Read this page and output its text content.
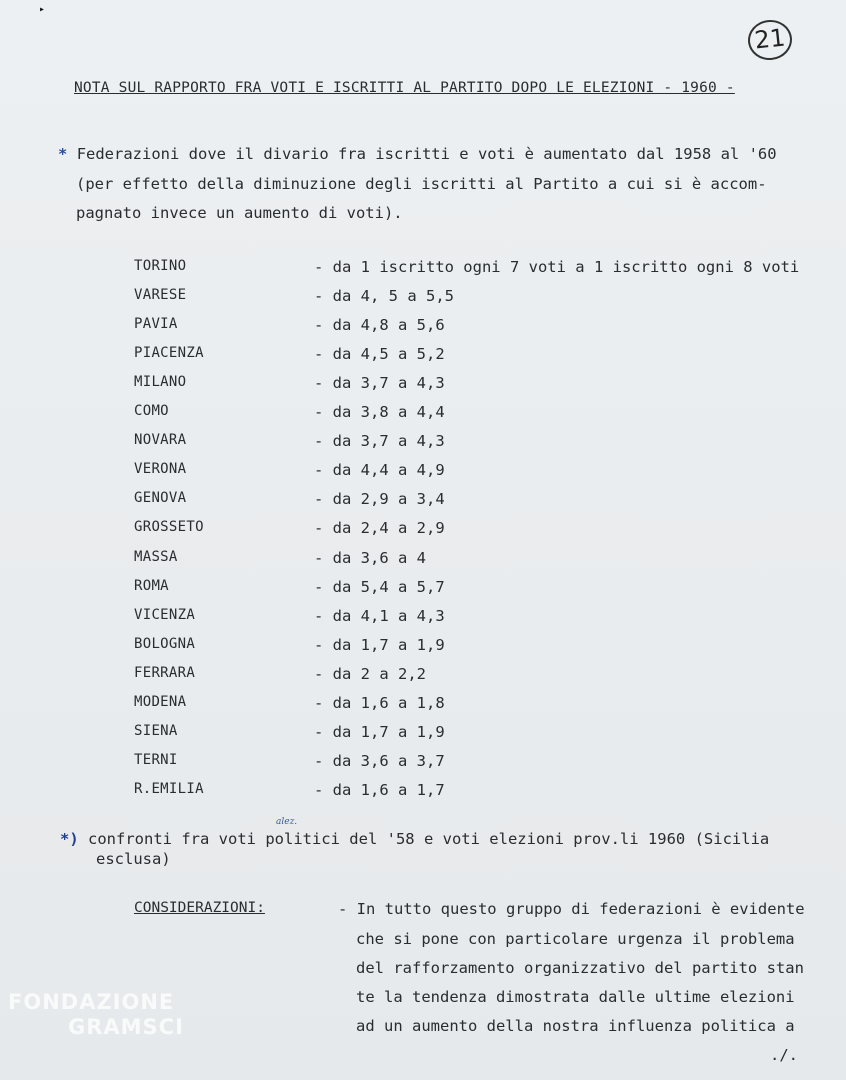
▸
21
NOTA SUL RAPPORTO FRA VOTI E ISCRITTI AL PARTITO DOPO LE ELEZIONI - 1960 -
* Federazioni dove il divario fra iscritti e voti è aumentato dal 1958 al '60
(per effetto della diminuzione degli iscritti al Partito a cui si è accom-
pagnato invece un aumento di voti).
TORINO	- da 1 iscritto ogni 7 voti a 1 iscritto ogni 8 voti
VARESE	- da 4, 5 a 5,5
PAVIA	- da 4,8 a 5,6
PIACENZA	- da 4,5 a 5,2
MILANO	- da 3,7 a 4,3
COMO	- da 3,8 a 4,4
NOVARA	- da 3,7 a 4,3
VERONA	- da 4,4 a 4,9
GENOVA	- da 2,9 a 3,4
GROSSETO	- da 2,4 a 2,9
MASSA	- da 3,6 a 4
ROMA	- da 5,4 a 5,7
VICENZA	- da 4,1 a 4,3
BOLOGNA	- da 1,7 a 1,9
FERRARA	- da 2 a 2,2
MODENA	- da 1,6 a 1,8
SIENA	- da 1,7 a 1,9
TERNI	- da 3,6 a 3,7
R.EMILIA	- da 1,6 a 1,7
*) confronti fra voti politici del '58 e voti elezioni prov.li 1960 (Sicilia
alez.
esclusa)
CONSIDERAZIONI:	- In tutto questo gruppo di federazioni è evidente
che si pone con particolare urgenza il problema
del rafforzamento organizzativo del partito stan
te la tendenza dimostrata dalle ultime elezioni
ad un aumento della nostra influenza politica a
./.
FONDAZIONE
GRAMSCI
